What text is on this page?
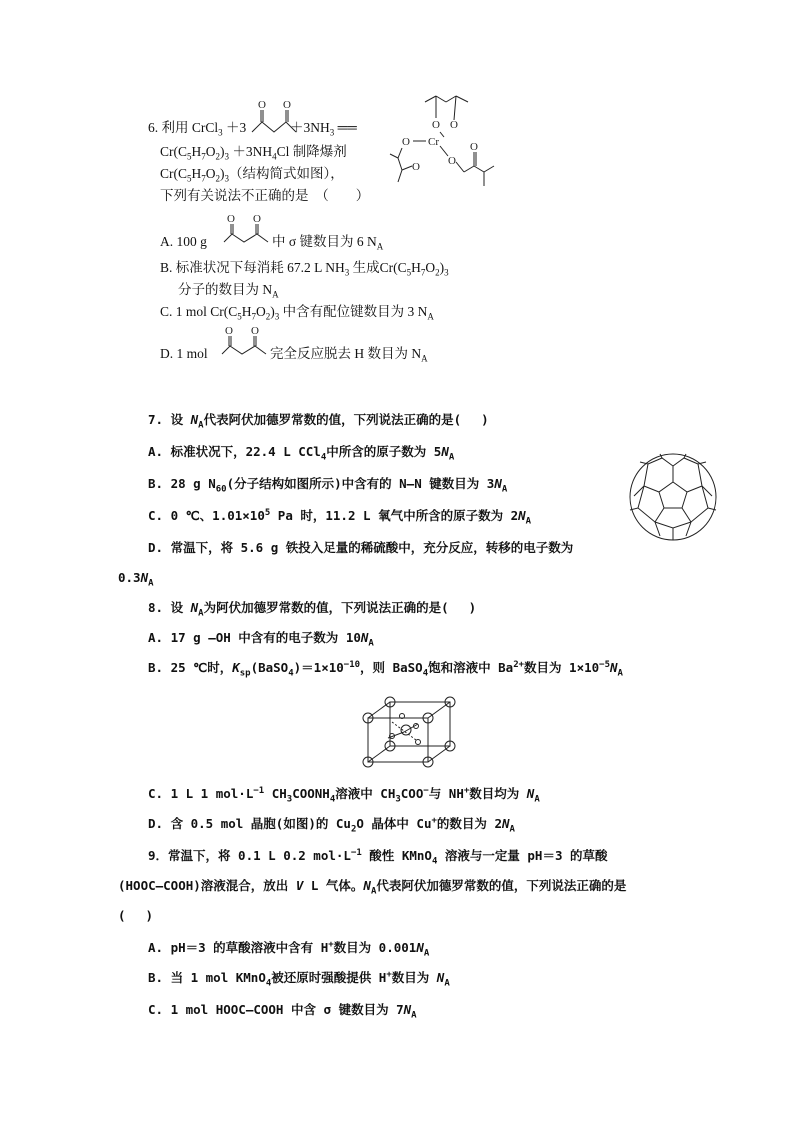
6. 利用 CrCl$_3$ ＋3
O O
$+3NH_3$ ══	O O
Cr
O
O
O
O
$Cr(C_5H_7O_2)_3 +3NH_4Cl$ 制降爆剂
$Cr(C_5H_7O_2)_3$（结构简式如图），
下列有关说法不正确的是　（　　）
A. 100 g
O O
中 σ 键数目为 6 $N_A$
B. 标准状况下每消耗 67.2 L $NH_3$ 生成$Cr(C_5H_7O_2)_3$
分子的数目为 $N_A$
C. 1 mol $Cr(C_5H_7O_2)_3$ 中含有配位键数目为 3 $N_A$
D. 1 mol
O O
完全反应脱去 H 数目为 $N_A$
7. 设 $N_A$代表阿伏加德罗常数的值，下列说法正确的是(　 )
A. 标准状况下，22.4 L CCl$_4$中所含的原子数为 $5N_A$
B. 28 g $N_{60}$(分子结构如图所示)中含有的 N—N 键数目为 $3N_A$
C. 0 ℃、$1.01\times 10^5$ Pa 时，11.2 L 氧气中所含的原子数为 $2N_A$
D. 常温下，将 5.6 g 铁投入足量的稀硫酸中，充分反应，转移的电子数为
$0.3N_A$
8. 设 $N_A$为阿伏加德罗常数的值，下列说法正确的是(　 )
A. 17 g —OH 中含有的电子数为 $10N_A$
B. 25 ℃时，$K_{sp}(BaSO_4)=1\times 10^{-10}$，则 BaSO$_4$饱和溶液中 $Ba^{2+}$数目为 $1\times 10^{-5}N_A$
C. 1 L 1 $mol\cdot L^{-1}$ $CH_3COONH_4$溶液中 $CH_3COO^-$与 NH+数目均为 $N_A$
D. 含 0.5 mol 晶胞(如图)的 $Cu_2O$ 晶体中 Cu+的数目为 $2N_A$
9．常温下，将 0.1 L 0.2 $mol\cdot L^{-1}$ 酸性 KMnO$_4$ 溶液与一定量 pH＝3 的草酸
(HOOC—COOH)溶液混合，放出 V L 气体。$N_A$代表阿伏加德罗常数的值，下列说法正确的是
(　 )
A. pH＝3 的草酸溶液中含有 H+数目为 $0.001N_A$
B. 当 1 mol KMnO$_4$被还原时强酸提供 H+数目为 $N_A$
C. 1 mol HOOC—COOH 中含 σ 键数目为 $7N_A$
